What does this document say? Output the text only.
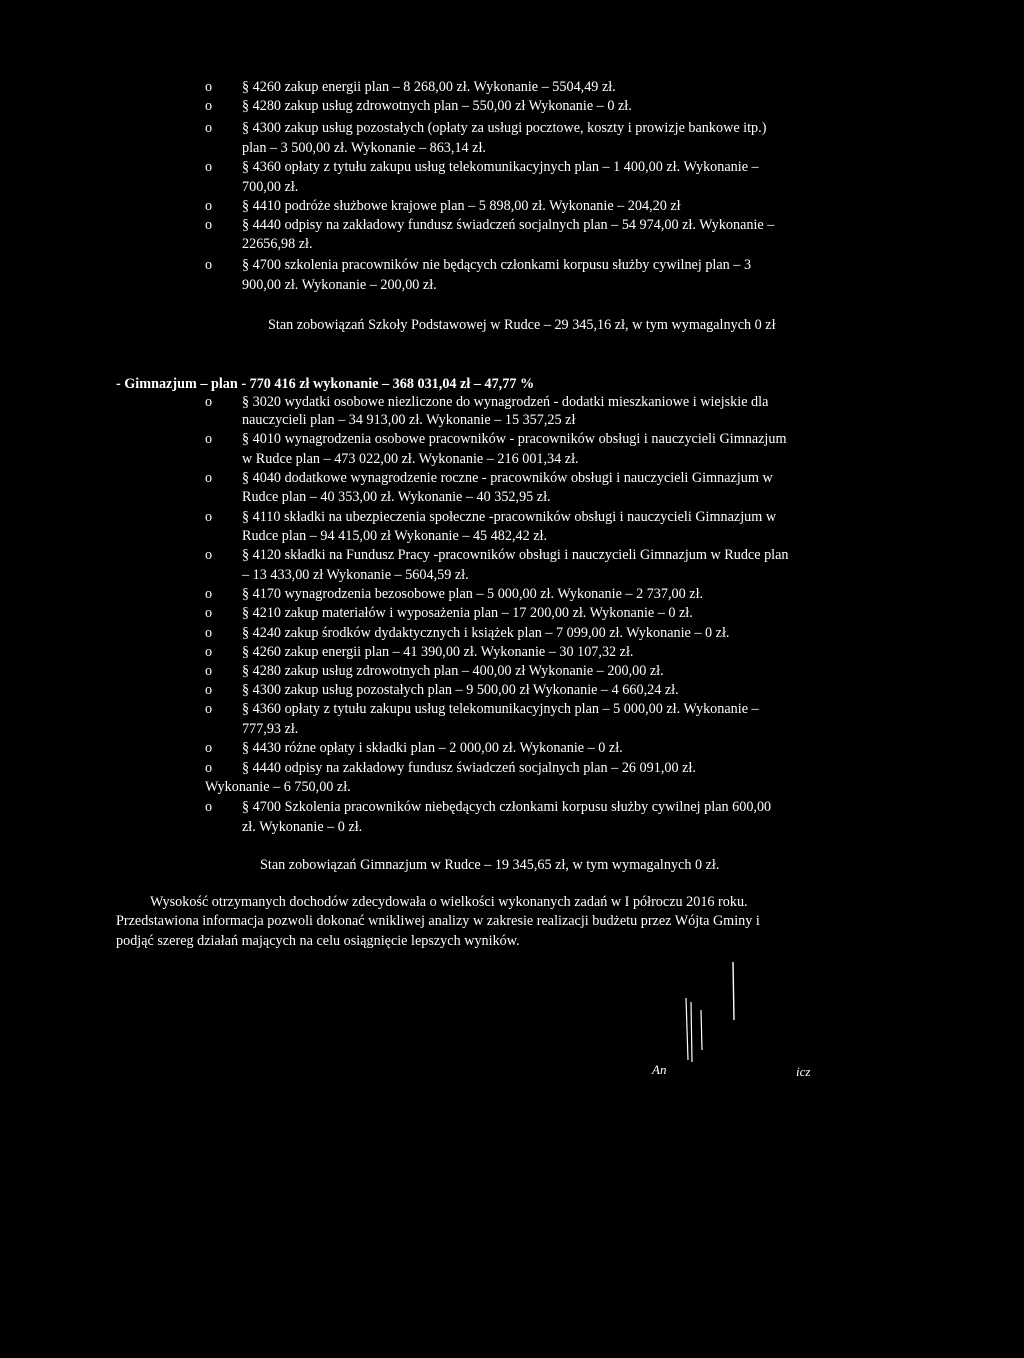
o	§ 4260 zakup energii plan – 8 268,00 zł. Wykonanie – 5504,49 zł.
o	§ 4280 zakup usług zdrowotnych plan – 550,00 zł Wykonanie – 0 zł.
o	§ 4300 zakup usług pozostałych (opłaty za usługi pocztowe, koszty i prowizje bankowe itp.)
plan – 3 500,00 zł. Wykonanie – 863,14 zł.
o	§ 4360 opłaty z tytułu zakupu usług telekomunikacyjnych plan – 1 400,00 zł. Wykonanie –
700,00 zł.
o	§ 4410 podróże służbowe krajowe plan – 5 898,00 zł. Wykonanie – 204,20 zł
o	§ 4440 odpisy na zakładowy fundusz świadczeń socjalnych plan – 54 974,00 zł. Wykonanie –
22656,98 zł.
o	§ 4700 szkolenia pracowników nie będących członkami korpusu służby cywilnej plan – 3
900,00 zł. Wykonanie – 200,00 zł.
Stan zobowiązań Szkoły Podstawowej w Rudce – 29 345,16 zł, w tym wymagalnych 0 zł
- Gimnazjum – plan - 770 416 zł wykonanie – 368 031,04 zł – 47,77 %
o	§ 3020 wydatki osobowe niezliczone do wynagrodzeń - dodatki mieszkaniowe i wiejskie dla
nauczycieli plan – 34 913,00 zł. Wykonanie – 15 357,25 zł
o	§ 4010 wynagrodzenia osobowe pracowników - pracowników obsługi i nauczycieli Gimnazjum
w Rudce plan – 473 022,00 zł. Wykonanie – 216 001,34 zł.
o	§ 4040 dodatkowe wynagrodzenie roczne - pracowników obsługi i nauczycieli Gimnazjum w
Rudce plan – 40 353,00 zł. Wykonanie – 40 352,95 zł.
o	§ 4110 składki na ubezpieczenia społeczne -pracowników obsługi i nauczycieli Gimnazjum w
Rudce plan – 94 415,00 zł Wykonanie – 45 482,42 zł.
o	§ 4120 składki na Fundusz Pracy -pracowników obsługi i nauczycieli Gimnazjum w Rudce plan
– 13 433,00 zł Wykonanie – 5604,59 zł.
o	§ 4170 wynagrodzenia bezosobowe plan – 5 000,00 zł. Wykonanie – 2 737,00 zł.
o	§ 4210 zakup materiałów i wyposażenia plan – 17 200,00 zł. Wykonanie – 0 zł.
o	§ 4240 zakup środków dydaktycznych i książek plan – 7 099,00 zł. Wykonanie – 0 zł.
o	§ 4260 zakup energii plan – 41 390,00 zł. Wykonanie – 30 107,32 zł.
o	§ 4280 zakup usług zdrowotnych plan – 400,00 zł Wykonanie – 200,00 zł.
o	§ 4300 zakup usług pozostałych plan – 9 500,00 zł Wykonanie – 4 660,24 zł.
o	§ 4360 opłaty z tytułu zakupu usług telekomunikacyjnych plan – 5 000,00 zł. Wykonanie –
777,93 zł.
o	§ 4430 różne opłaty i składki plan – 2 000,00 zł. Wykonanie – 0 zł.
o	§ 4440 odpisy na zakładowy fundusz świadczeń socjalnych plan – 26 091,00 zł.
Wykonanie – 6 750,00 zł.
o	§ 4700 Szkolenia pracowników niebędących członkami korpusu służby cywilnej plan 600,00
zł. Wykonanie – 0 zł.
Stan zobowiązań Gimnazjum w Rudce – 19 345,65 zł, w tym wymagalnych 0 zł.
Wysokość otrzymanych dochodów zdecydowała o wielkości wykonanych zadań w I półroczu 2016 roku.
Przedstawiona informacja pozwoli dokonać wnikliwej analizy w zakresie realizacji budżetu przez Wójta Gminy i
podjąć szereg działań mających na celu osiągnięcie lepszych wyników.
An	icz
